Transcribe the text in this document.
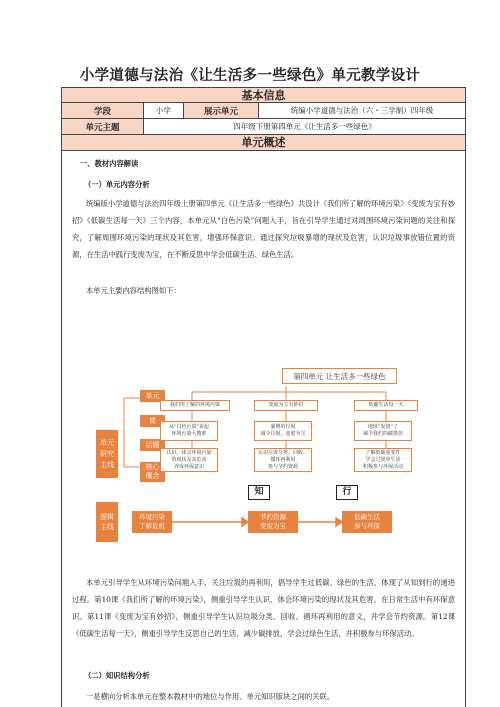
小学道德与法治《让生活多一些绿色》单元教学设计
基本信息
学段	小学	展示单元	统编小学道德与法治（六・三学制）四年级
单元主题	四年级下册第四单元《让生活多一些绿色》
单元概述
一、教材内容解读
（一）单元内容分析
统编版小学道德与法治四年级上册第四单元《让生活多一些绿色》共设计《我们所了解的环境污染》《变废为宝有妙招》《低碳生活每一天》三个内容，本单元从“白色污染”问题入手，旨在引导学生通过对周围环境污染问题的关注和探究，了解周围环境污染的现状及其危害，增强环保意识；通过探究垃圾暴增的现状及危害，认识垃圾事放错位置的资源，在生活中践行变废为宝，在不断反思中学会低碳生活、绿色生活。
本单元主要内容结构图如下：
第四单元 让生活多一些绿色
单元
研究
主线
单元
课
话题
核心
概念
我们所了解的环境污染	变废为宝有妙招	低碳生活每一天
从“白色污染”说起
环境污染大搜索
暴增的垃圾
减少垃圾，变废为宝
地球“发烧”了
减少我们的碳排放
认识、体会环境污染
的现状及其危害
养成环保意识
认识垃圾分类、回收、
循环再利用
参与节约资源
了解低碳重要性
学会过简单生活
积极参与环保活动
知	行
逻辑
主线
环境污染
了解危机
节约资源
变废为宝
低碳生活
参与环保
本单元引导学生从环境污染问题入手，关注垃圾的再利用，倡导学生过低碳、绿色的生活，体现了从知到行的递进过程。第10课《我们所了解的环境污染》，侧重引导学生认识、体会环境污染的现状及其危害，在日常生活中有环保意识。第11课《变废为宝有妙招》，侧重引导学生认识垃圾分类、回收、循环再利用的意义，并学会节约资源。第12课《低碳生活每一天》，侧重引导学生反思自己的生活，减少碳排放，学会过绿色生活，并积极参与环保活动。
（二）知识结构分析
一是横向分析本单元在整本教材中的地位与作用、单元知识版块之间的关联。
